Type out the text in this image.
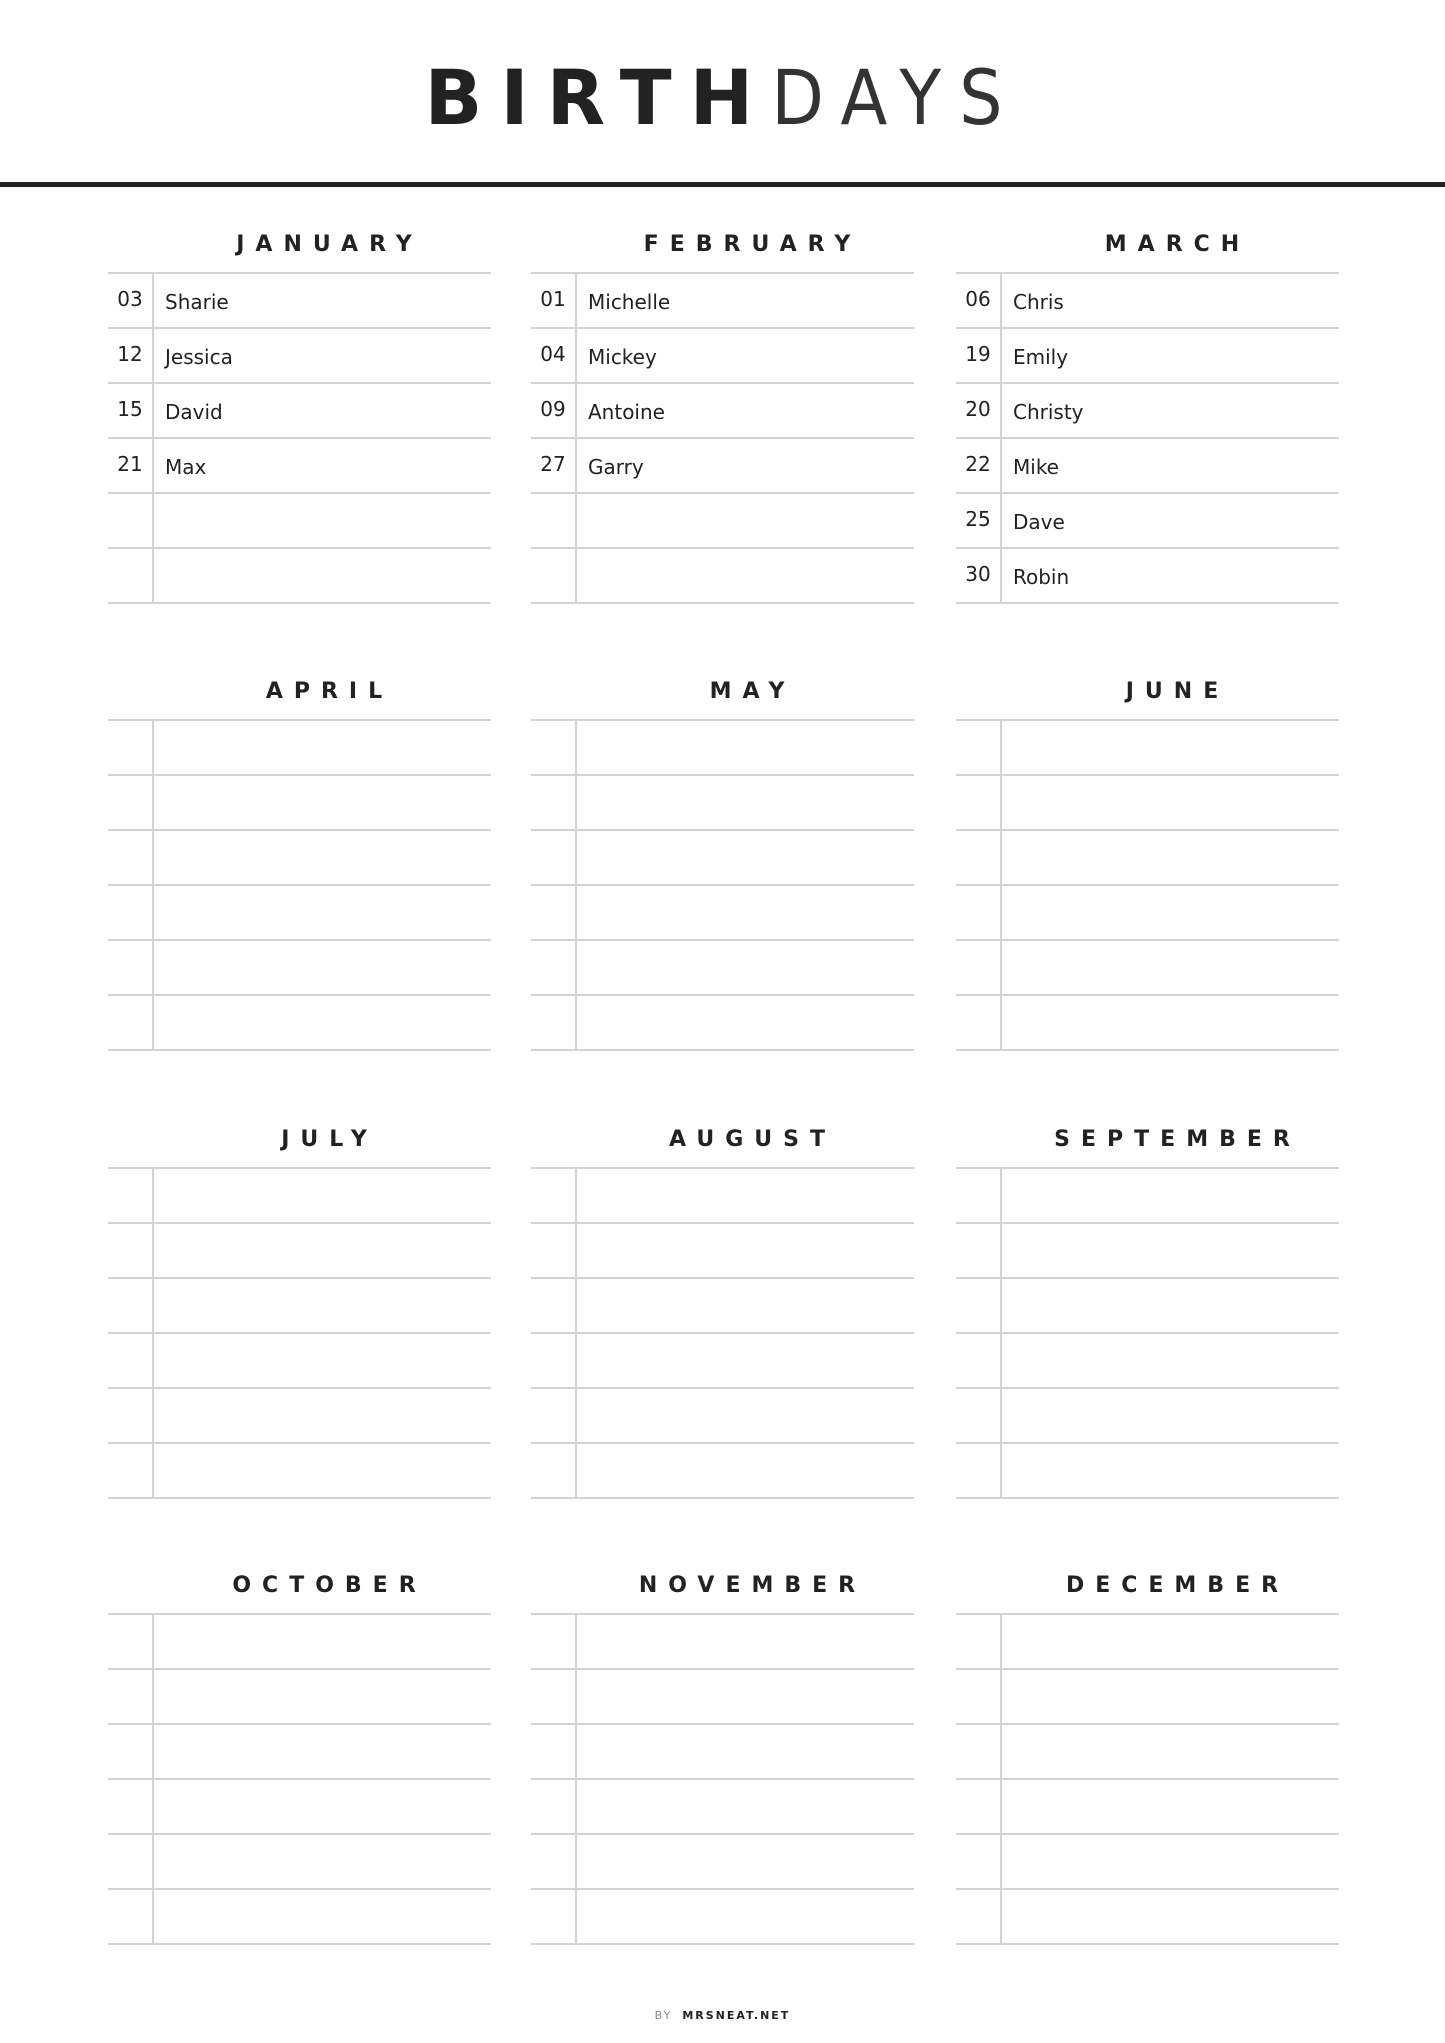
BIRTHDAYS
JANUARY
03	Sharie
12	Jessica
15	David
21	Max
FEBRUARY
01	Michelle
04	Mickey
09	Antoine
27	Garry
MARCH
06	Chris
19	Emily
20	Christy
22	Mike
25	Dave
30	Robin
APRIL	MAY	JUNE
JULY	AUGUST	SEPTEMBER
OCTOBER	NOVEMBER	DECEMBER
BY MRSNEAT.NET
